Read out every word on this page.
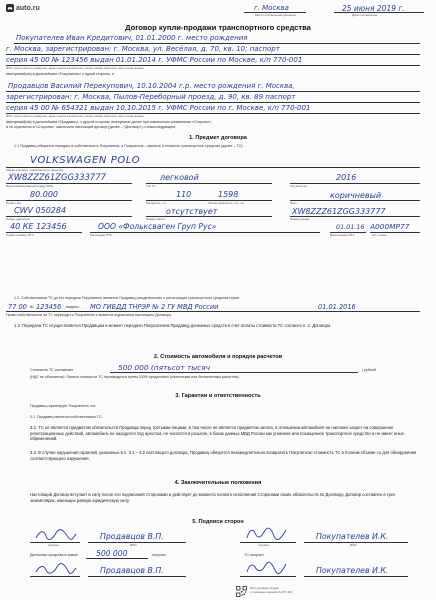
auto.ru	г. Москва
Место составления договора
25 июня 2019 г.
Дата составления
Договор купли-продажи транспортного средства
Покупателев Иван Кредитович, 01.01.2000 г. место рождения
г. Москва, зарегистрирован: г. Москва, ул. Весёлая, д. 70, кв. 10; паспорт
серия 45 00 № 123456 выдан 01.01.2014 г. УФМС России по Москве, к/п 770-001
ФИО, дата и место рождения, адрес места жительства, серия, номер паспорта, кем и когда выдан
именуемый(ая) в дальнейшем «Покупатель» с одной стороны, и
Продавцов Василий Перекупович, 10.10.2004 г.р. место рождения г. Москва,
зарегистрирован: г. Москва, Пылов-Переборный проезд, д. 90, кв. 89 паспорт
серия 45 00 № 654321 выдан 10.10.2015 г. УФМС России по г. Москве, к/п 770-001
ФИО, дата и место рождения, адрес места жительства, серия, номер паспорта, кем и когда выдан
именуемый(ая) в дальнейшем «Продавец», с другой стороны, именуемые далее при совместном упоминании «Стороны»,
а по отдельности «Сторона», заключили настоящий договор (далее – «Договор») о нижеследующем:
1. Предмет договора
1.1 Продавец обязуется передать в собственность Покупателя, а Покупатель – принять и оплатить транспортное средство (далее – ТС).
VOLKSWAGEN POLO
Марка и модель транспортного средства
XW8ZZZ61ZGG333777
Идентификационный номер (VIN)
легковой
Тип ТС
2016
Год выпуска
80.000
Пробег, км
110	1598
Мощность, л.с.	Объём двигателя, куб. см
коричневый
Цвет
CWV 050284
Номер двигателя
отсутствует
Номер шасси
XW8ZZZ61ZGG333777
Номер кузова
40 КЕ 123456
Серия и номер ПТС
ООО «Фольксваген Груп Рус»
Кем выдан ПТС
01.01.16
Дата выдачи ПТС
А000МР77
Гос. номер
1.2. Собственником ТС до его передачи Покупателю является Продавец (свидетельство о регистрации транспортного средства серия
77 00 № 123456 , выдано МО ГИБДД ТНРЭР № 2 ГУ МВД России	01.01.2016
Право собственности на ТС переходит к Покупателю с момента подписания настоящего Договора.
1.3. Передача ТС осуществляется Продавцом в момент передачи Покупателем Продавцу денежных средств в счет оплаты стоимости ТС согласно п. 2. Договора.
2. Стоимость автомобиля и порядок расчетов
Стоимость ТС составляет	500 000 (пятьсот тысяч	) рублей
(НДС не облагается). Оплата стоимости ТС производится путем 100% предоплаты (наличными или безналичным расчетом).
3. Гарантии и ответственность
Продавец гарантирует Покупателю что:
3.1. Продавец является собственником ТС.
3.2. ТС не является предметом обязательств Продавца перед третьими лицами, в том числе не является предметом залога, в отношении автомобиля не наложен запрет на совершение регистрационных действий, автомобиль не находится под арестом, не числится в розыске, в базах данных МВД России как угнанное или похищенное транспортное средство и не имеет иных обременений.
3.3. В случае нарушения гарантий, указанных в п. 3.1 – 3.2 настоящего договора, Продавец обязуется незамедлительно возвратить Покупателю стоимость ТС в полном объеме со дня обнаружения соответствующего нарушения.
4. Заключительные положения
Настоящий Договор вступает в силу после его подписания Сторонами и действует до момента полного исполнения Сторонами своих обязательств по Договору. Договор составлен в трех экземплярах, имеющих равную юридическую силу.
5. Подписи сторон
подпись
Продавцов В.П.
ФИО	подпись
Покупателев И.К.
ФИО
Денежные средства в сумме 500 000	получил	ТС получил
Продавцов В.П.	Покупателев И.К.
Этот договор создан
с помощью сервиса AUTO.RU
